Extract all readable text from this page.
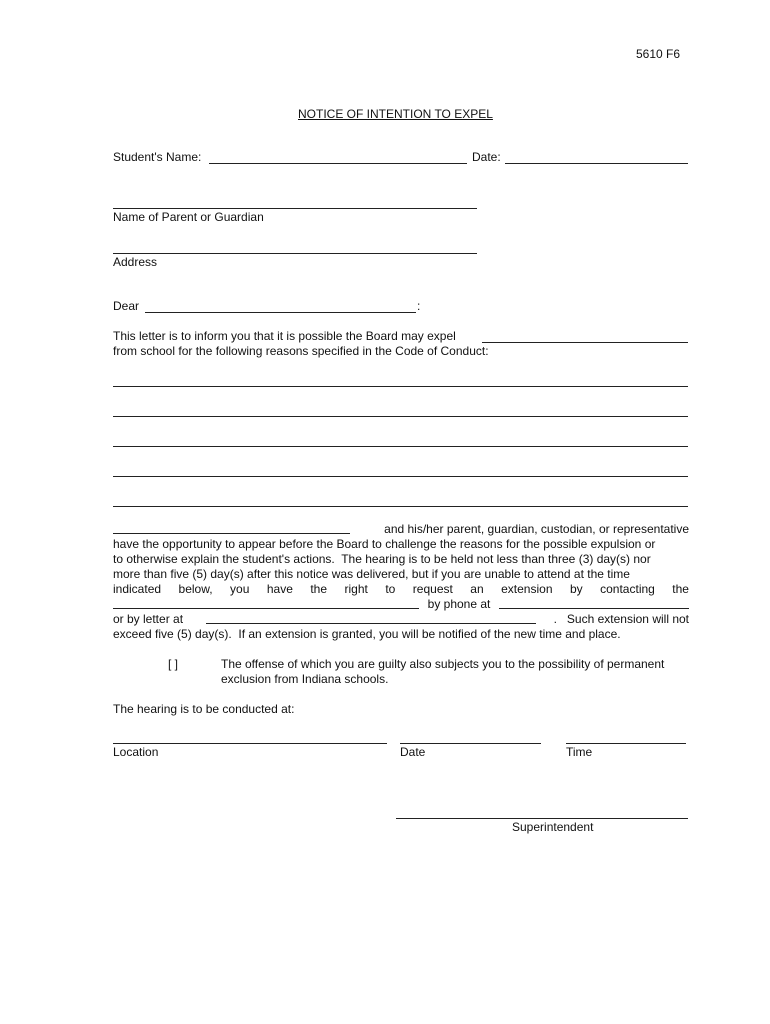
5610 F6
NOTICE OF INTENTION TO EXPEL
Student's Name:	Date:
Name of Parent or Guardian
Address
Dear	:
This letter is to inform you that it is possible the Board may expel
from school for the following reasons specified in the Code of Conduct:
and his/her parent, guardian, custodian, or representative
have the opportunity to appear before the Board to challenge the reasons for the possible expulsion or
to otherwise explain the student's actions.  The hearing is to be held not less than three (3) day(s) nor
more than five (5) day(s) after this notice was delivered, but if you are unable to attend at the time
indicated below, you have the right to request an extension by contacting the
by phone at
or by letter at	.   Such extension will not
exceed five (5) day(s).  If an extension is granted, you will be notified of the new time and place.
[ ]	The offense of which you are guilty also subjects you to the possibility of permanent
exclusion from Indiana schools.
The hearing is to be conducted at:
Location	Date	Time
Superintendent
